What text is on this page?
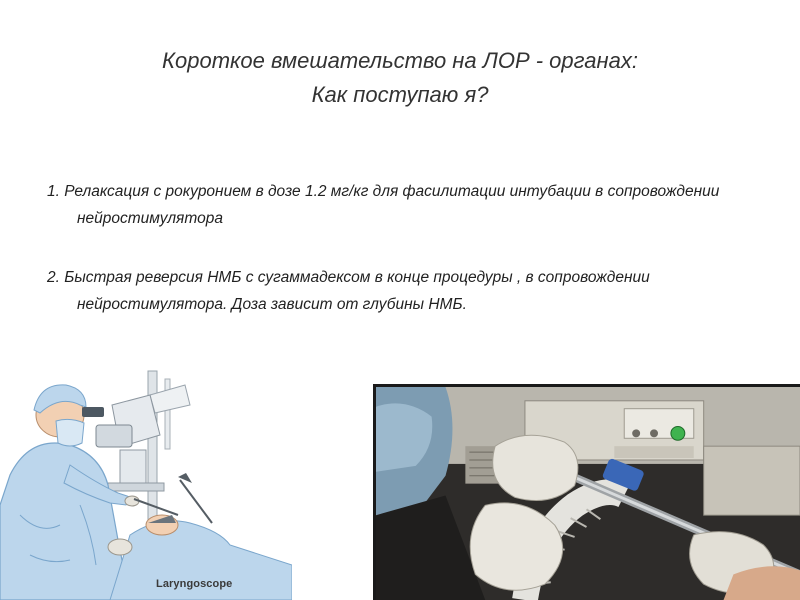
Короткое вмешательство на ЛОР - органах:
Как поступаю я?
1. Релаксация с рокуронием в дозе 1.2 мг/кг для фасилитации интубации в сопровождении нейростимулятора
2. Быстрая реверсия НМБ с сугаммадексом в конце процедуры , в сопровождении нейростимулятора. Доза зависит от глубины НМБ.
Laryngoscope
